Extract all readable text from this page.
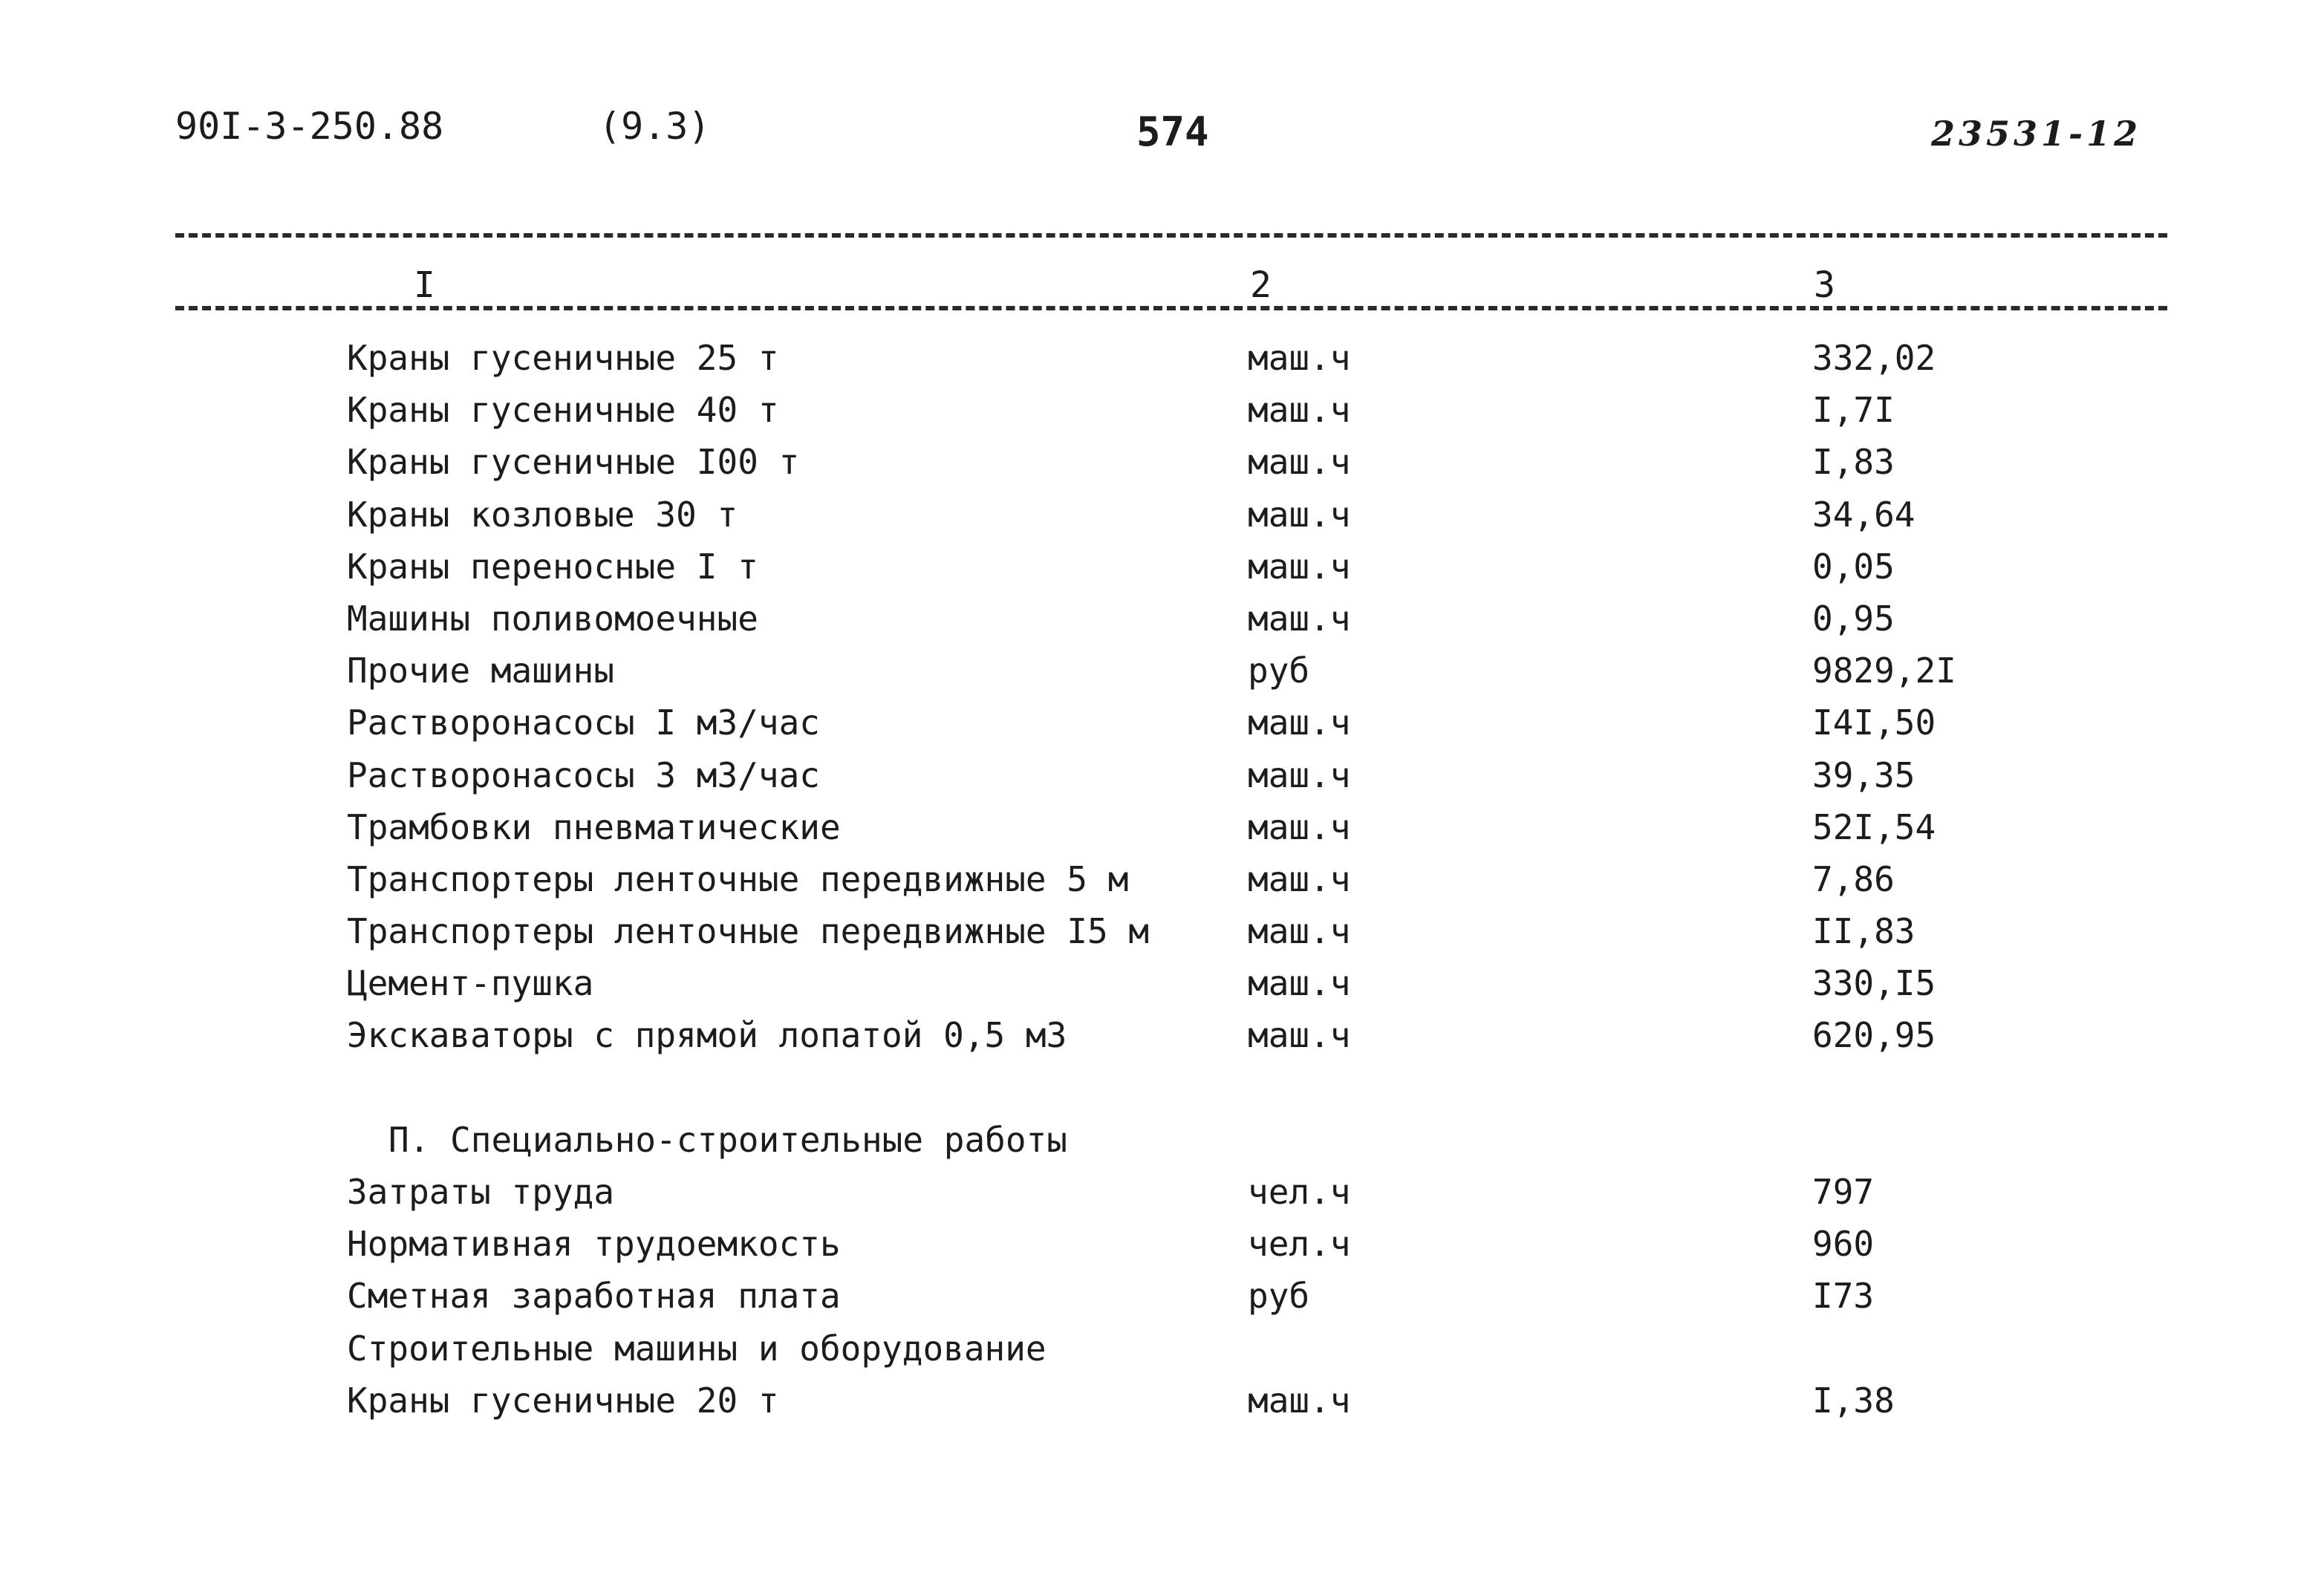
90I-3-250.88	(9.3)	574	23531-12
I	2	3
Краны гусеничные 25 т	маш.ч	332,02
Краны гусеничные 40 т	маш.ч	I,7I
Краны гусеничные I00 т	маш.ч	I,83
Краны козловые 30 т	маш.ч	34,64
Краны переносные I т	маш.ч	0,05
Машины поливомоечные	маш.ч	0,95
Прочие машины	руб	9829,2I
Растворонасосы I м3/час	маш.ч	I4I,50
Растворонасосы 3 м3/час	маш.ч	39,35
Трамбовки пневматические	маш.ч	52I,54
Транспортеры ленточные передвижные 5 м	маш.ч	7,86
Транспортеры ленточные передвижные I5 м	маш.ч	II,83
Цемент-пушка	маш.ч	330,I5
Экскаваторы с прямой лопатой 0,5 м3	маш.ч	620,95
П. Специально-строительные работы
Затраты труда	чел.ч	797
Нормативная трудоемкость	чел.ч	960
Сметная заработная плата	руб	I73
Строительные машины и оборудование
Краны гусеничные 20 т	маш.ч	I,38
